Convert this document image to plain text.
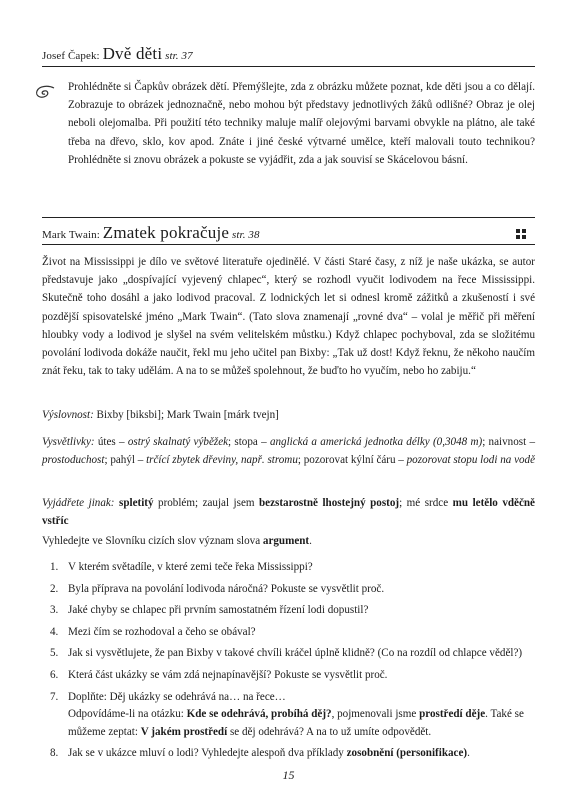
Josef Čapek: Dvě děti str. 37
Prohlédněte si Čapkův obrázek dětí. Přemýšlejte, zda z obrázku můžete poznat, kde děti jsou a co dělají. Zobrazuje to obrázek jednoznačně, nebo mohou být představy jednotlivých žáků odlišné? Obraz je olej neboli olejomalba. Při použití této techniky maluje malíř olejovými barvami obvykle na plátno, ale také třeba na dřevo, sklo, kov apod. Znáte i jiné české výtvarné umělce, kteří malovali touto technikou? Prohlédněte si znovu obrázek a pokuste se vyjádřit, zda a jak souvisí se Skácelovou básní.
Mark Twain: Zmatek pokračuje str. 38
Život na Mississippi je dílo ve světové literatuře ojedinělé. V části Staré časy, z níž je naše ukázka, se autor představuje jako „dospívající vyjevený chlapec“, který se rozhodl vyučit lodivodem na řece Mississippi. Skutečně toho dosáhl a jako lodivod pracoval. Z lodnických let si odnesl kromě zážitků a zkušeností i své pozdější spisovatelské jméno „Mark Twain“. (Tato slova znamenají „rovné dva“ – volal je měřič při měření hloubky vody a lodivod je slyšel na svém velitelském můstku.) Když chlapec pochyboval, zda se složitému povolání lodivoda dokáže naučit, řekl mu jeho učitel pan Bixby: „Tak už dost! Když řeknu, že někoho naučím znát řeku, tak to taky udělám. A na to se můžeš spolehnout, že buďto ho vyučím, nebo ho zabiju.“
Výslovnost: Bixby [biksbi]; Mark Twain [márk tvejn]
Vysvětlivky: útes – ostrý skalnatý výběžek; stopa – anglická a americká jednotka délky (0,3048 m); naivnost – prostoduchost; pahýl – trčící zbytek dřeviny, např. stromu; pozorovat kýlní čáru – pozorovat stopu lodi na vodě
Vyjádřete jinak: spletitý problém; zaujal jsem bezstarostně lhostejný postoj; mé srdce mu letělo vděčně vstříc
Vyhledejte ve Slovníku cizích slov význam slova argument.
1. V kterém světadíle, v které zemi teče řeka Mississippi?
2. Byla příprava na povolání lodivoda náročná? Pokuste se vysvětlit proč.
3. Jaké chyby se chlapec při prvním samostatném řízení lodi dopustil?
4. Mezi čím se rozhodoval a čeho se obával?
5. Jak si vysvětlujete, že pan Bixby v takové chvíli kráčel úplně klidně? (Co na rozdíl od chlapce věděl?)
6. Která část ukázky se vám zdá nejnapínavější? Pokuste se vysvětlit proč.
7. Doplňte: Děj ukázky se odehrává na… na řece…
Odpovídáme-li na otázku: Kde se odehrává, probíhá děj?, pojmenovali jsme prostředí děje. Také se můžeme zeptat: V jakém prostředí se děj odehrává? A na to už umíte odpovědět.
8. Jak se v ukázce mluví o lodi? Vyhledejte alespoň dva příklady zosobnění (personifikace).
15
